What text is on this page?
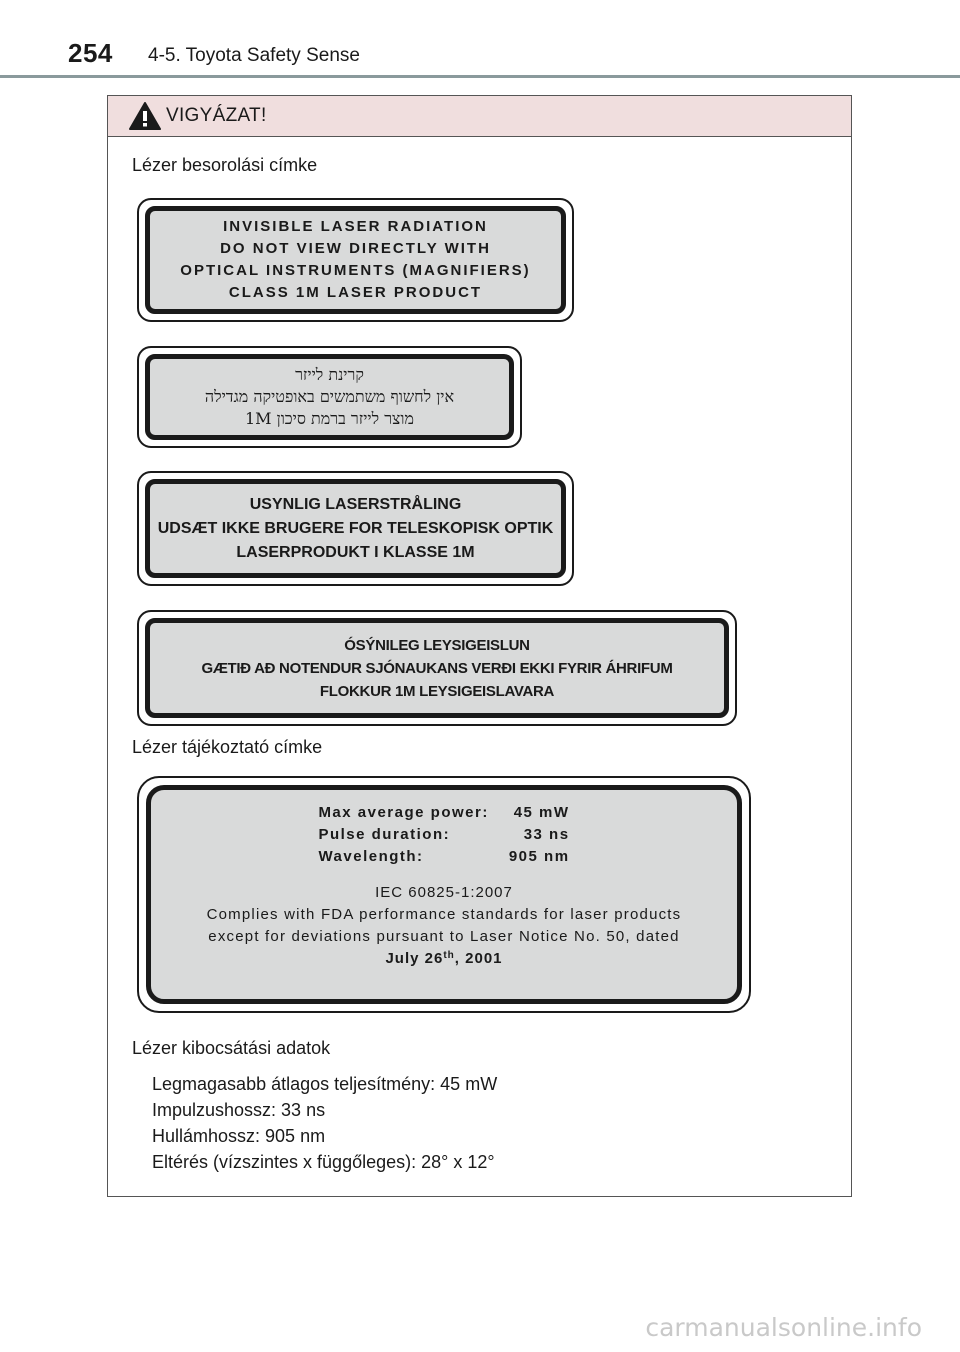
254 4-5. Toyota Safety Sense
VIGYÁZAT!
Lézer besorolási címke
INVISIBLE LASER RADIATION
DO NOT VIEW DIRECTLY WITH
OPTICAL INSTRUMENTS (MAGNIFIERS)
CLASS 1M LASER PRODUCT
קרינת לייזר
אין לחשוף משתמשים באופטיקה מגדילה
מוצר לייזר ברמת סיכון 1M
USYNLIG LASERSTRÅLING
UDSÆT IKKE BRUGERE FOR TELESKOPISK OPTIK
LASERPRODUKT I KLASSE 1M
ÓSÝNILEG LEYSIGEISLUN
GÆTIÐ AÐ NOTENDUR SJÓNAUKANS VERÐI EKKI FYRIR ÁHRIFUM
FLOKKUR 1M LEYSIGEISLAVARA
Lézer tájékoztató címke
Max average power:	45 mW
Pulse duration:	33 ns
Wavelength:	905 nm
IEC 60825-1:2007
Complies with FDA performance standards for laser products
except for deviations pursuant to Laser Notice No. 50, dated
July 26th, 2001
Lézer kibocsátási adatok
Legmagasabb átlagos teljesítmény: 45 mW
Impulzushossz: 33 ns
Hullámhossz: 905 nm
Eltérés (vízszintes x függőleges): 28° x 12°
carmanualsonline.info
